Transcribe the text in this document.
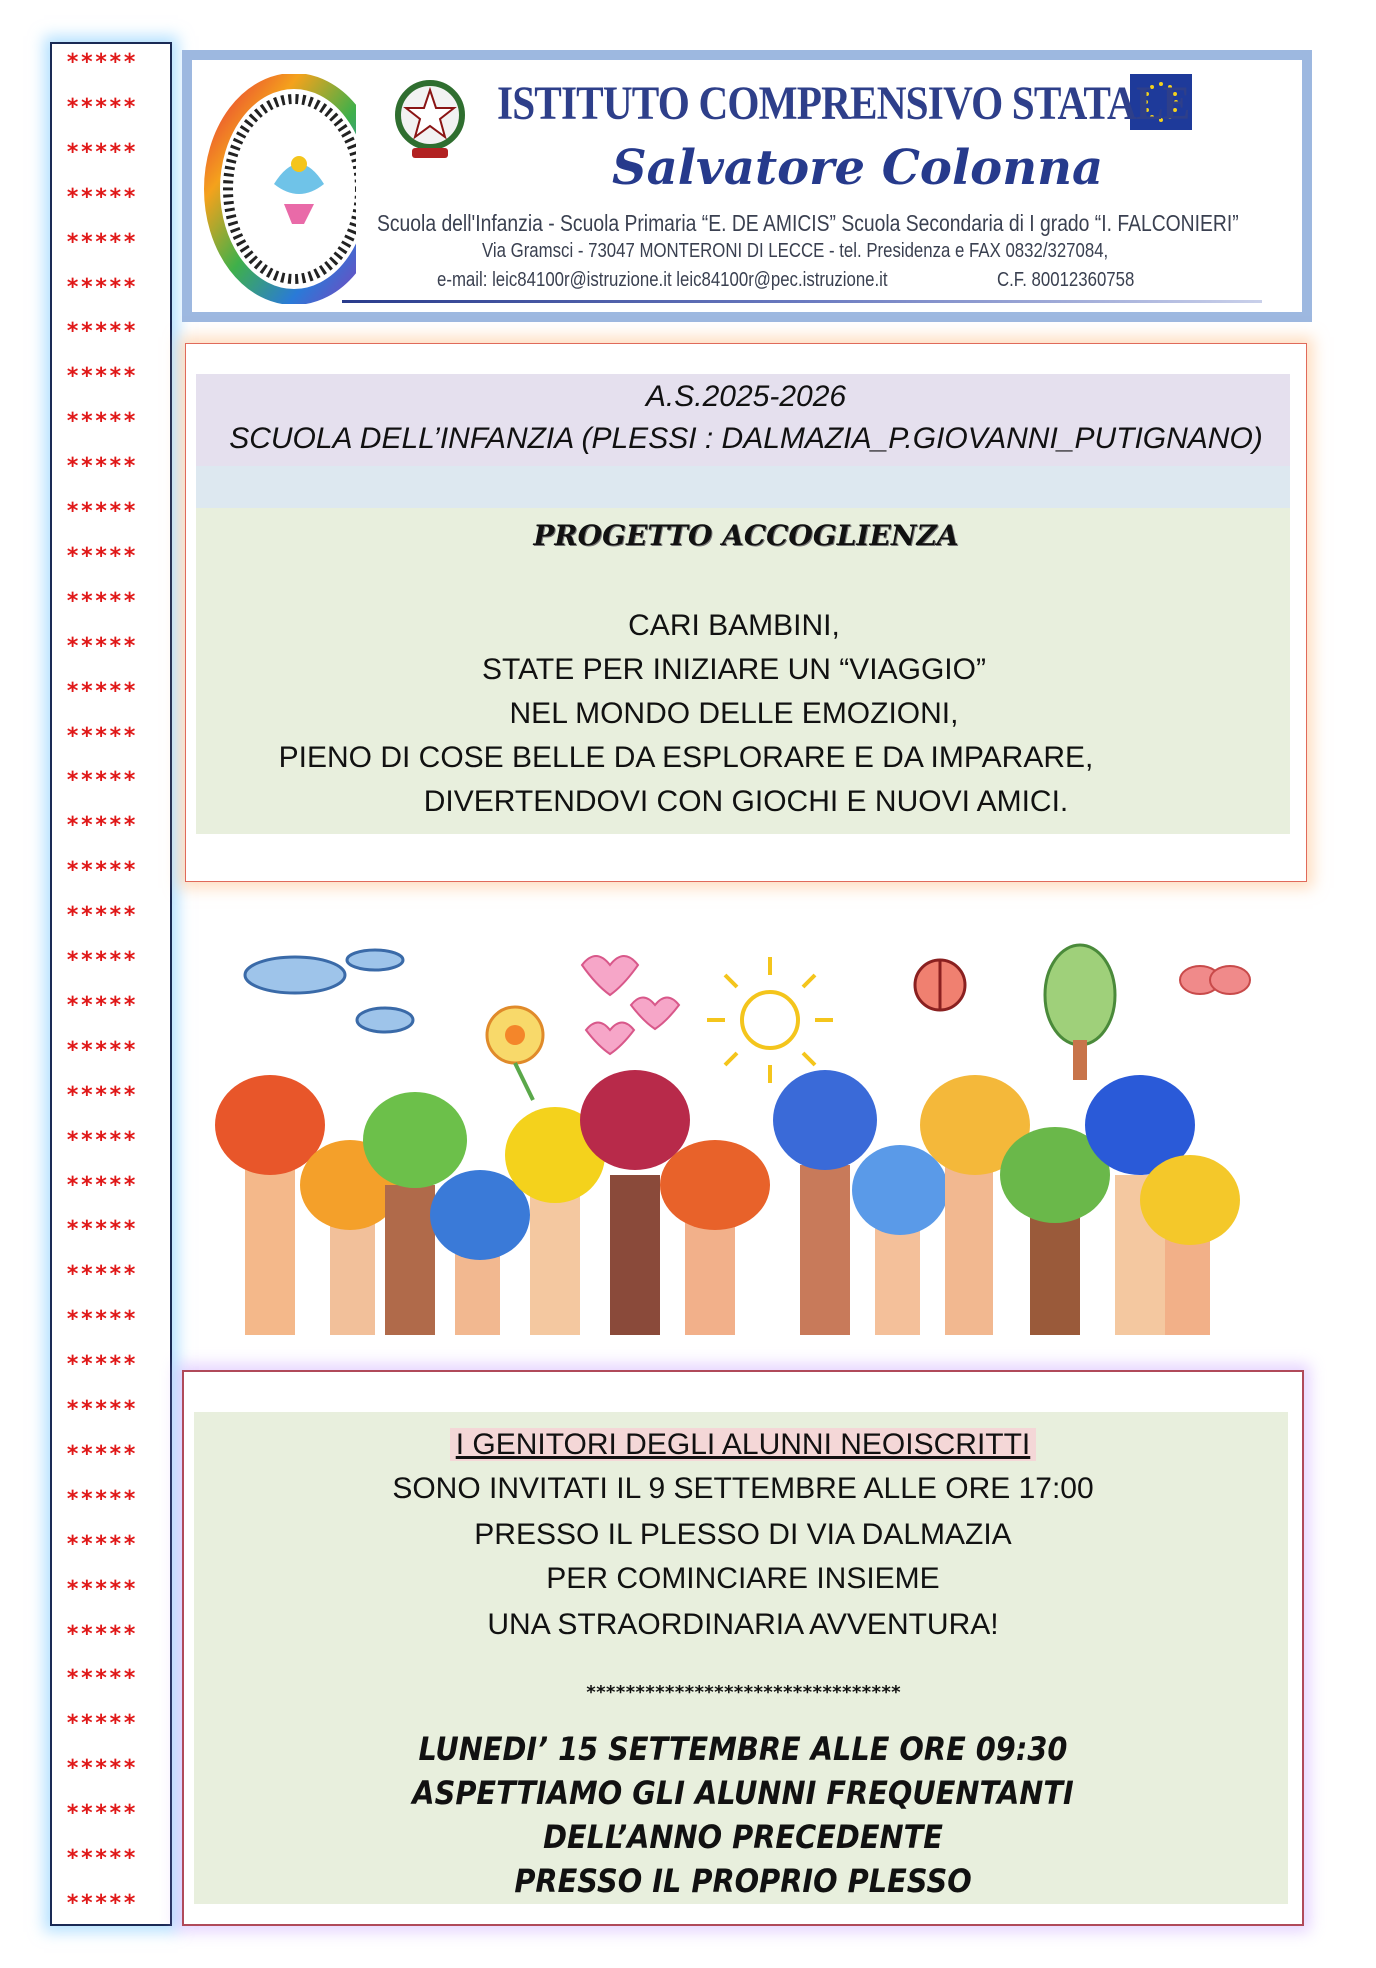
*****
*****
*****
*****
*****
*****
*****
*****
*****
*****
*****
*****
*****
*****
*****
*****
*****
*****
*****
*****
*****
*****
*****
*****
*****
*****
*****
*****
*****
*****
*****
*****
*****
*****
*****
*****
*****
*****
*****
*****
*****
*****
ISTITUTO COMPRENSIVO STATALE
Salvatore Colonna
Scuola dell'Infanzia - Scuola Primaria “E. DE AMICIS” Scuola Secondaria di I grado “I. FALCONIERI”
Via Gramsci - 73047 MONTERONI DI LECCE - tel. Presidenza e FAX 0832/327084,
e-mail: leic84100r@istruzione.it leic84100r@pec.istruzione.it	C.F. 80012360758
A.S.2025-2026
SCUOLA DELL’INFANZIA (PLESSI : DALMAZIA_P.GIOVANNI_PUTIGNANO)
PROGETTO ACCOGLIENZA
CARI BAMBINI,
STATE PER INIZIARE UN “VIAGGIO”
NEL MONDO DELLE EMOZIONI,
PIENO DI COSE BELLE DA ESPLORARE E DA IMPARARE,
DIVERTENDOVI CON GIOCHI E NUOVI AMICI.
I GENITORI DEGLI ALUNNI NEOISCRITTI
SONO INVITATI IL 9 SETTEMBRE ALLE ORE 17:00
PRESSO IL PLESSO DI VIA DALMAZIA
PER COMINCIARE INSIEME
UNA STRAORDINARIA AVVENTURA!
********************************
LUNEDI’ 15 SETTEMBRE ALLE ORE 09:30
ASPETTIAMO GLI ALUNNI FREQUENTANTI
DELL’ANNO PRECEDENTE
PRESSO IL PROPRIO PLESSO
